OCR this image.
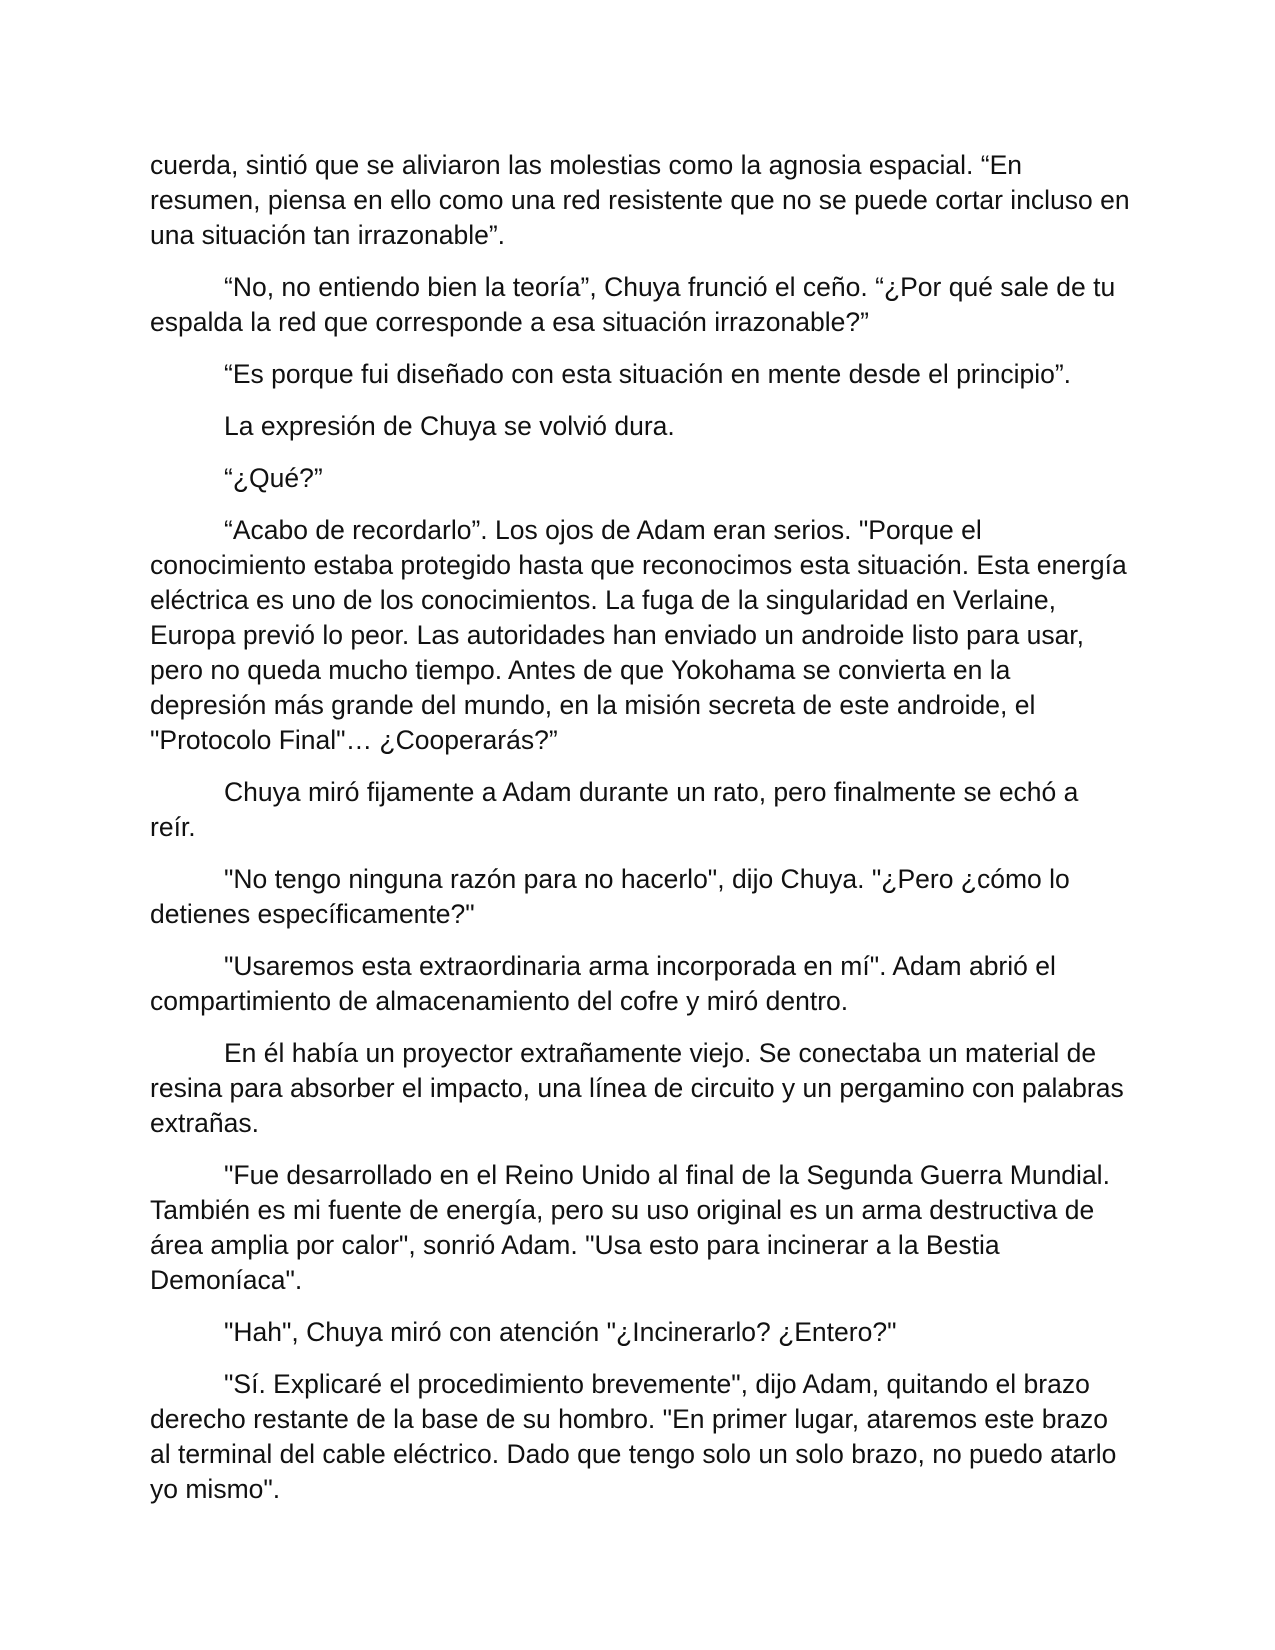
cuerda, sintió que se aliviaron las molestias como la agnosia espacial. “En resumen, piensa en ello como una red resistente que no se puede cortar incluso en una situación tan irrazonable”.

“No, no entiendo bien la teoría”, Chuya frunció el ceño. “¿Por qué sale de tu espalda la red que corresponde a esa situación irrazonable?”

“Es porque fui diseñado con esta situación en mente desde el principio”.

La expresión de Chuya se volvió dura.

“¿Qué?”

“Acabo de recordarlo”. Los ojos de Adam eran serios. "Porque el conocimiento estaba protegido hasta que reconocimos esta situación. Esta energía eléctrica es uno de los conocimientos. La fuga de la singularidad en Verlaine, Europa previó lo peor. Las autoridades han enviado un androide listo para usar, pero no queda mucho tiempo. Antes de que Yokohama se convierta en la depresión más grande del mundo, en la misión secreta de este androide, el "Protocolo Final"… ¿Cooperarás?”

Chuya miró fijamente a Adam durante un rato, pero finalmente se echó a reír.

"No tengo ninguna razón para no hacerlo", dijo Chuya. "¿Pero ¿cómo lo detienes específicamente?"

"Usaremos esta extraordinaria arma incorporada en mí". Adam abrió el compartimiento de almacenamiento del cofre y miró dentro.

En él había un proyector extrañamente viejo. Se conectaba un material de resina para absorber el impacto, una línea de circuito y un pergamino con palabras extrañas.

"Fue desarrollado en el Reino Unido al final de la Segunda Guerra Mundial. También es mi fuente de energía, pero su uso original es un arma destructiva de área amplia por calor", sonrió Adam. "Usa esto para incinerar a la Bestia Demoníaca".

"Hah", Chuya miró con atención "¿Incinerarlo? ¿Entero?"

"Sí. Explicaré el procedimiento brevemente", dijo Adam, quitando el brazo derecho restante de la base de su hombro. "En primer lugar, ataremos este brazo al terminal del cable eléctrico. Dado que tengo solo un solo brazo, no puedo atarlo yo mismo".
